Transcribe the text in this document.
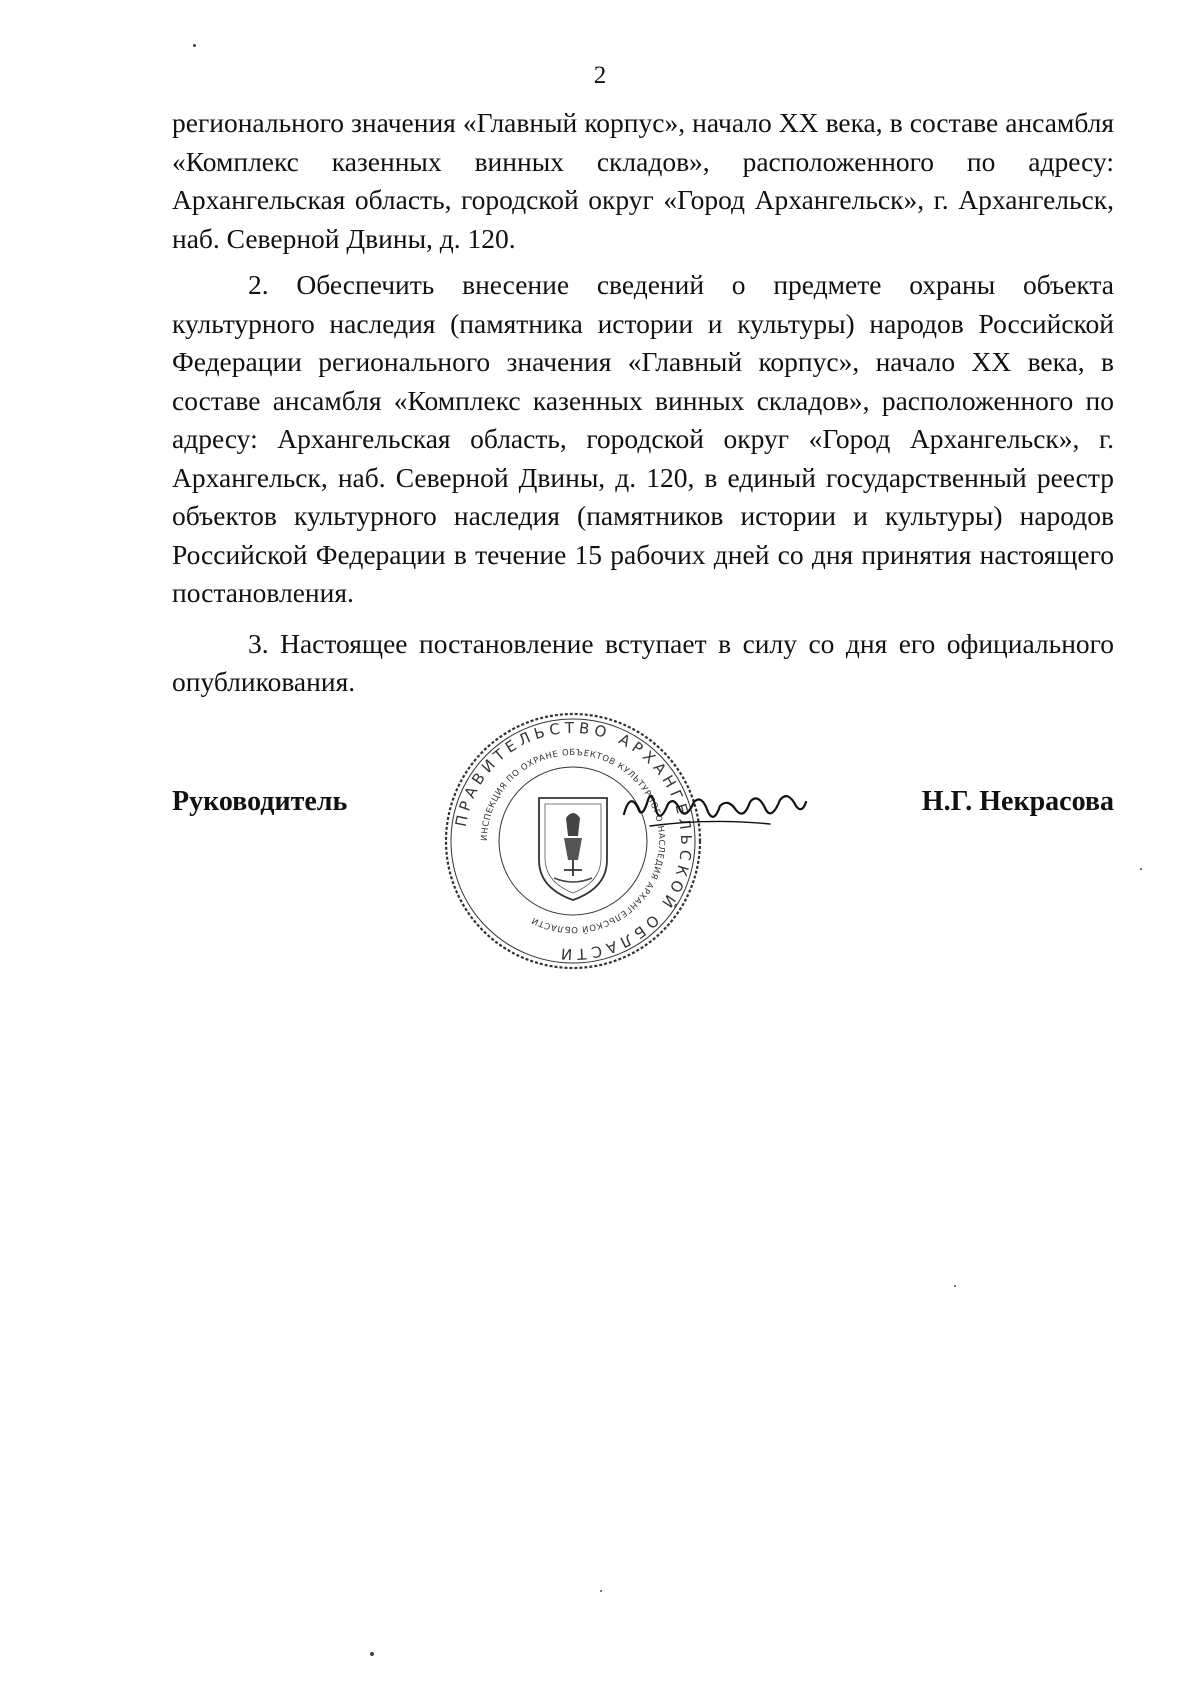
2

регионального значения «Главный корпус», начало XX века, в составе ансамбля «Комплекс казенных винных складов», расположенного по адресу: Архангельская область, городской округ «Город Архангельск», г. Архангельск, наб. Северной Двины, д. 120.

2. Обеспечить внесение сведений о предмете охраны объекта культурного наследия (памятника истории и культуры) народов Российской Федерации регионального значения «Главный корпус», начало XX века, в составе ансамбля «Комплекс казенных винных складов», расположенного по адресу: Архангельская область, городской округ «Город Архангельск», г. Архангельск, наб. Северной Двины, д. 120, в единый государственный реестр объектов культурного наследия (памятников истории и культуры) народов Российской Федерации в течение 15 рабочих дней со дня принятия настоящего постановления.

3. Настоящее постановление вступает в силу со дня его официального опубликования.

Руководитель	Н.Г. Некрасова
ПРАВИТЕЛЬСТВО АРХАНГЕЛЬСКОЙ ОБЛАСТИ
ИНСПЕКЦИЯ ПО ОХРАНЕ ОБЪЕКТОВ КУЛЬТУРНОГО НАСЛЕДИЯ АРХАНГЕЛЬСКОЙ ОБЛАСТИ
